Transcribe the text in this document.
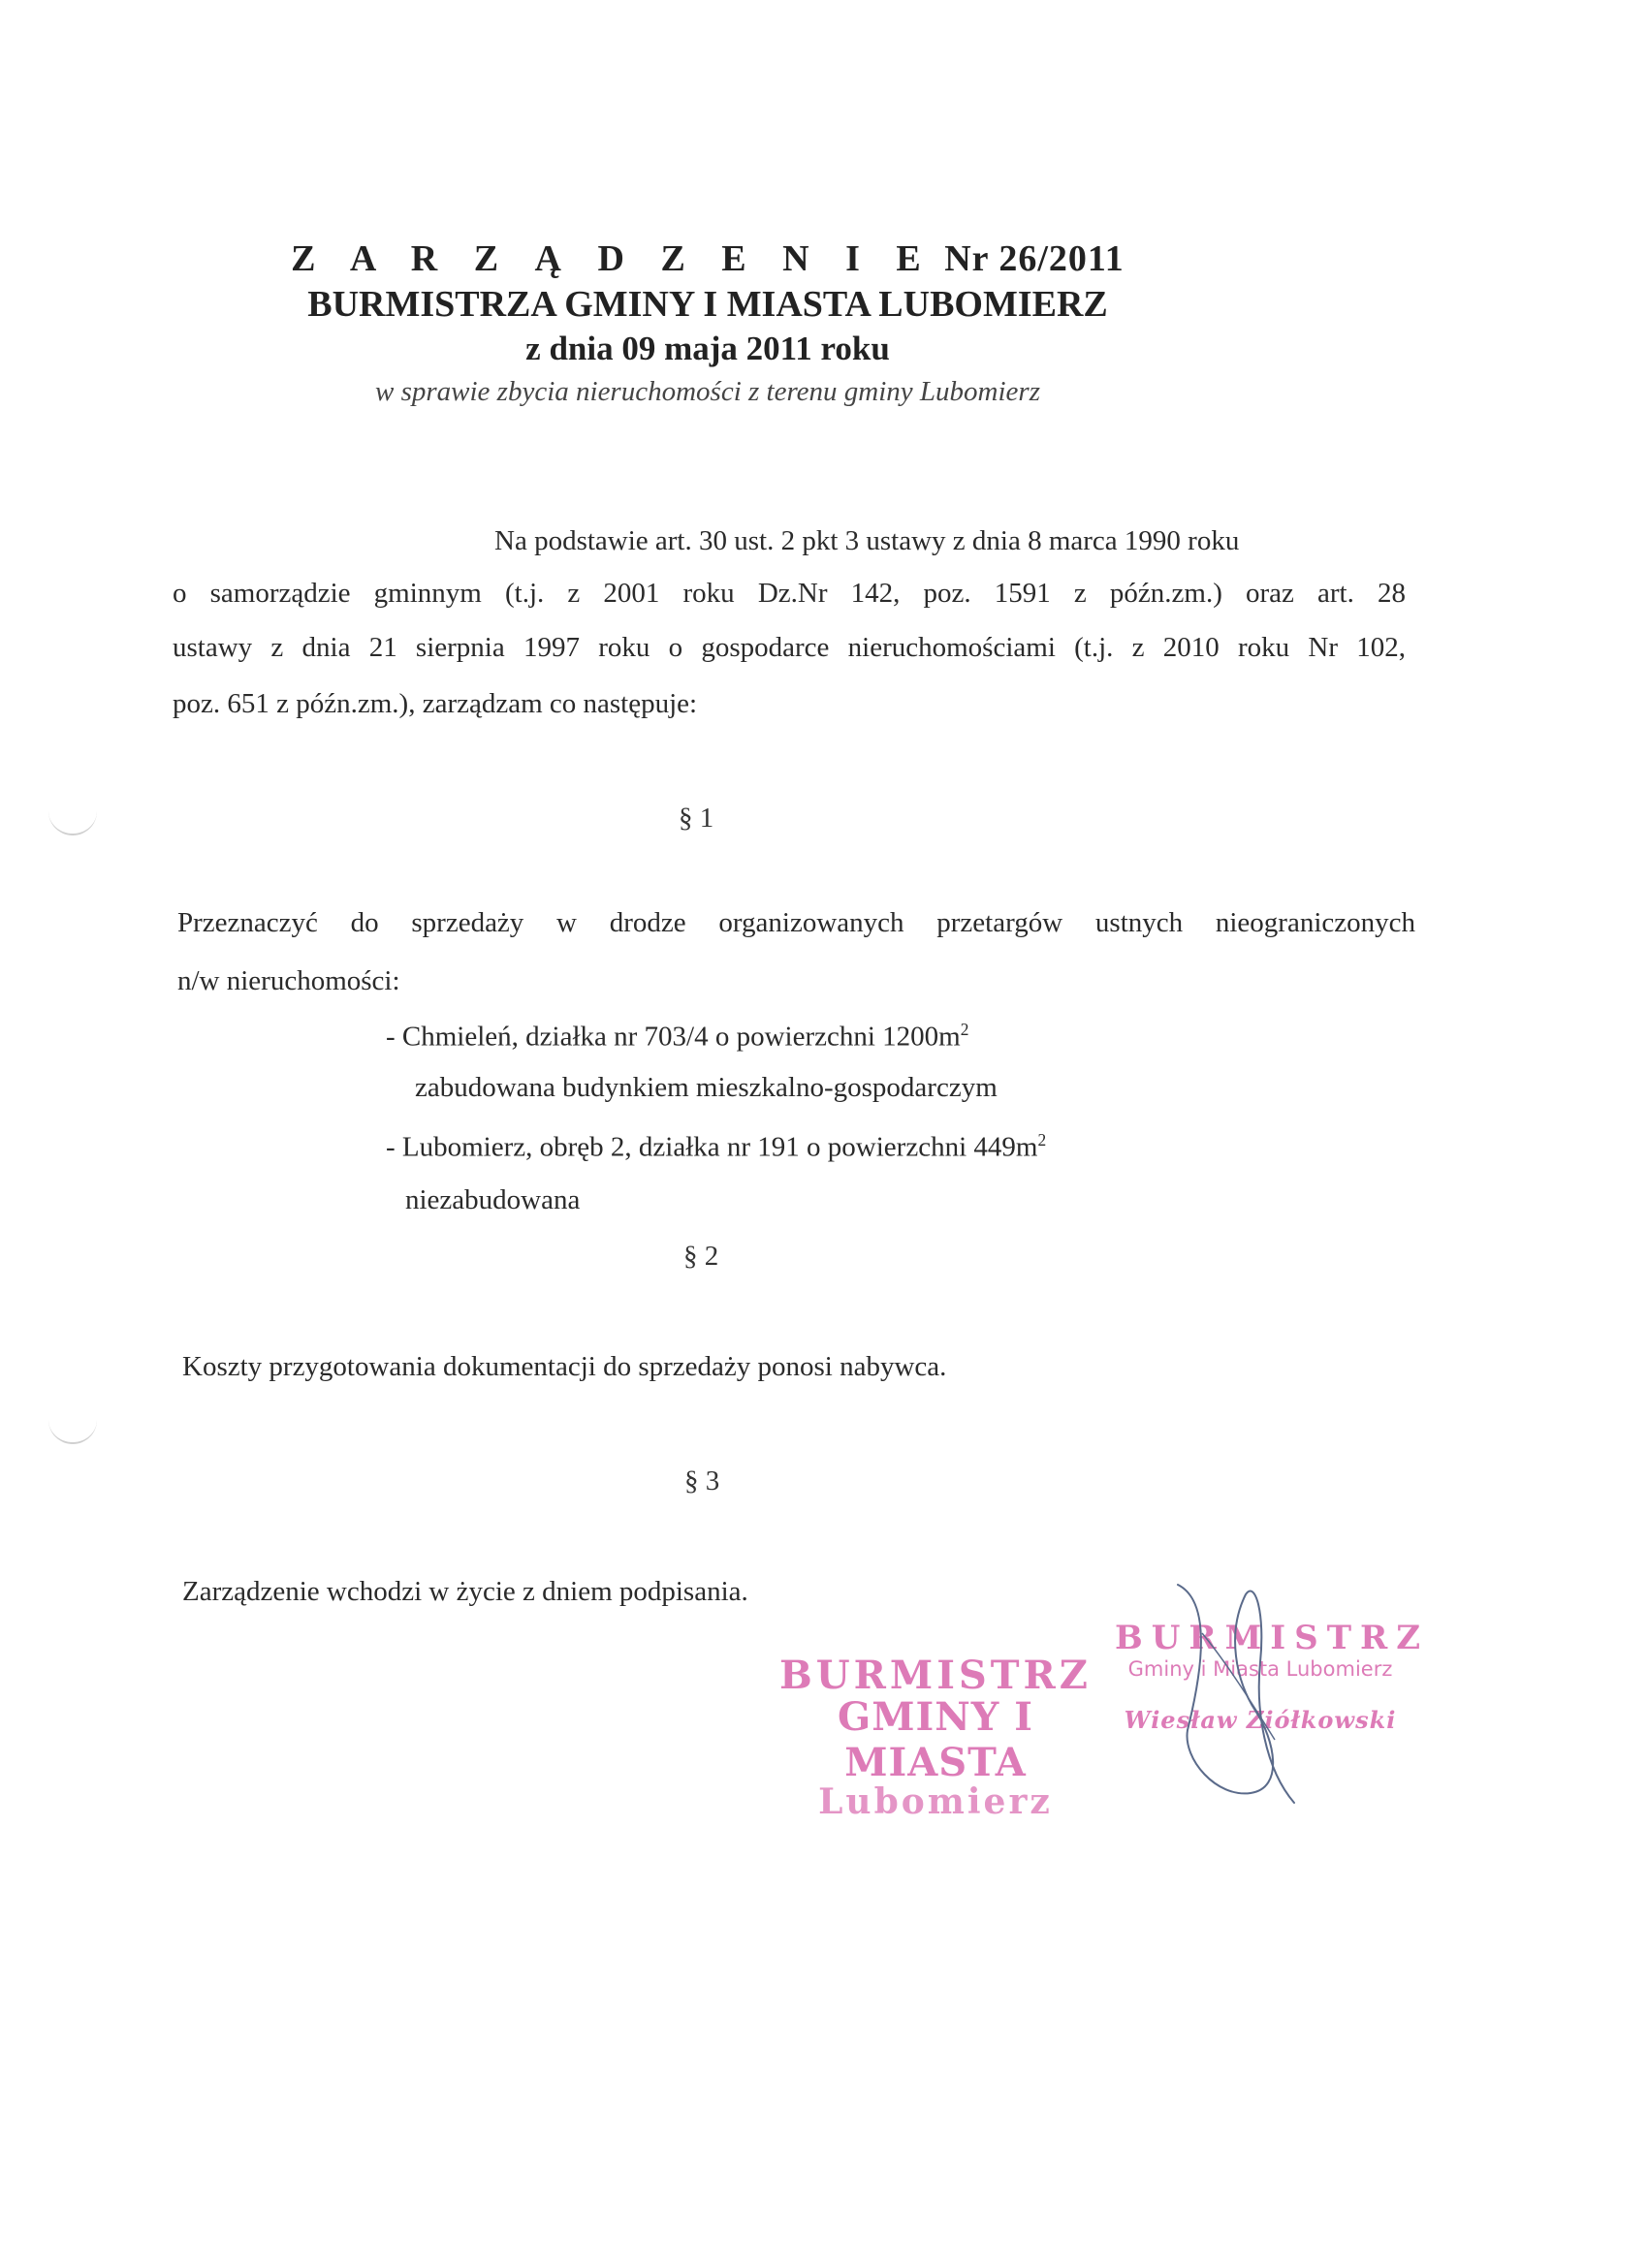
Z A R Z Ą D Z E N I E Nr 26/2011
BURMISTRZA GMINY I MIASTA LUBOMIERZ
z dnia 09 maja 2011 roku
w sprawie zbycia nieruchomości z terenu gminy Lubomierz
Na podstawie art. 30 ust. 2 pkt 3 ustawy z dnia 8 marca 1990 roku
o samorządzie gminnym (t.j. z 2001 roku Dz.Nr 142, poz. 1591 z późn.zm.) oraz art. 28
ustawy z dnia 21 sierpnia 1997 roku o gospodarce nieruchomościami (t.j. z 2010 roku Nr 102,
poz. 651 z późn.zm.), zarządzam co następuje:
§ 1
Przeznaczyć do sprzedaży w drodze organizowanych przetargów ustnych nieograniczonych
n/w nieruchomości:
- Chmieleń, działka nr 703/4 o powierzchni $1200m^2$
zabudowana budynkiem mieszkalno-gospodarczym
- Lubomierz, obręb 2, działka nr 191 o powierzchni $449m^2$
niezabudowana
§ 2
Koszty przygotowania dokumentacji do sprzedaży ponosi nabywca.
§ 3
Zarządzenie wchodzi w życie z dniem podpisania.
BURMISTRZ
GMINY I MIASTA
Lubomierz
BURMISTRZ
Gminy i Miasta Lubomierz
Wiesław Ziółkowski
